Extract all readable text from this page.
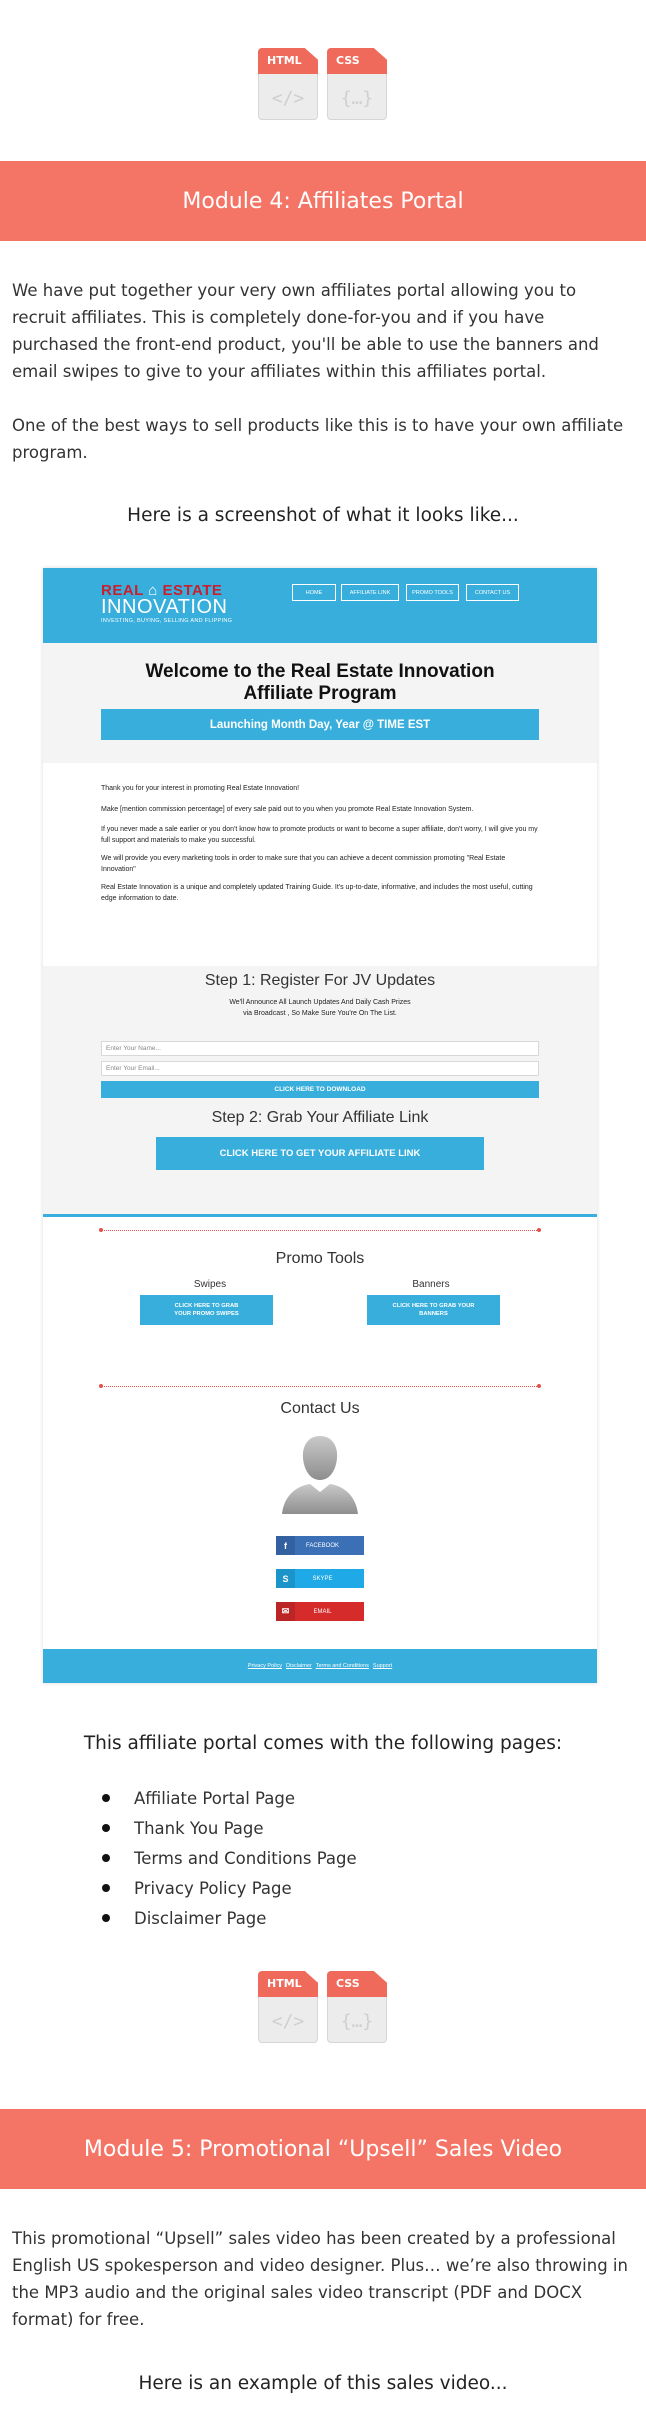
HTML
</>
CSS
{…}
Module 4: Affiliates Portal

We have put together your very own affiliates portal allowing you to recruit affiliates. This is completely done-for-you and if you have purchased the front-end product, you'll be able to use the banners and email swipes to give to your affiliates within this affiliates portal.

One of the best ways to sell products like this is to have your own affiliate program.

Here is a screenshot of what it looks like...
REAL ⌂ ESTATE
INNOVATION
INVESTING, BUYING, SELLING AND FLIPPING
HOME	AFFILIATE LINK	PROMO TOOLS	CONTACT US
Welcome to the Real Estate Innovation
Affiliate Program
Launching Month Day, Year @ TIME EST

Thank you for your interest in promoting Real Estate Innovation!

Make [mention commission percentage] of every sale paid out to you when you promote Real Estate Innovation System.

If you never made a sale earlier or you don't know how to promote products or want to become a super affiliate, don't worry, I will give you my full support and materials to make you successful.

We will provide you every marketing tools in order to make sure that you can achieve a decent commission promoting "Real Estate Innovation"

Real Estate Innovation is a unique and completely updated Training Guide. It's up-to-date, informative, and includes the most useful, cutting edge information to date.

Step 1: Register For JV Updates
We'll Announce All Launch Updates And Daily Cash Prizes
via Broadcast , So Make Sure You're On The List.
Enter Your Name...
Enter Your Email...
CLICK HERE TO DOWNLOAD
Step 2: Grab Your Affiliate Link
CLICK HERE TO GET YOUR AFFILIATE LINK
Promo Tools
Swipes	Banners
CLICK HERE TO GRAB
YOUR PROMO SWIPES
CLICK HERE TO GRAB YOUR
BANNERS
Contact Us
f	FACEBOOK
S	SKYPE
✉	EMAIL
Privacy Policy Disclaimer Terms and Conditions Support
This affiliate portal comes with the following pages:
Affiliate Portal Page
Thank You Page
Terms and Conditions Page
Privacy Policy Page
Disclaimer Page
HTML
</>
CSS
{…}
Module 5: Promotional “Upsell” Sales Video

This promotional “Upsell” sales video has been created by a professional English US spokesperson and video designer. Plus… we’re also throwing in the MP3 audio and the original sales video transcript (PDF and DOCX format) for free.

Here is an example of this sales video...
